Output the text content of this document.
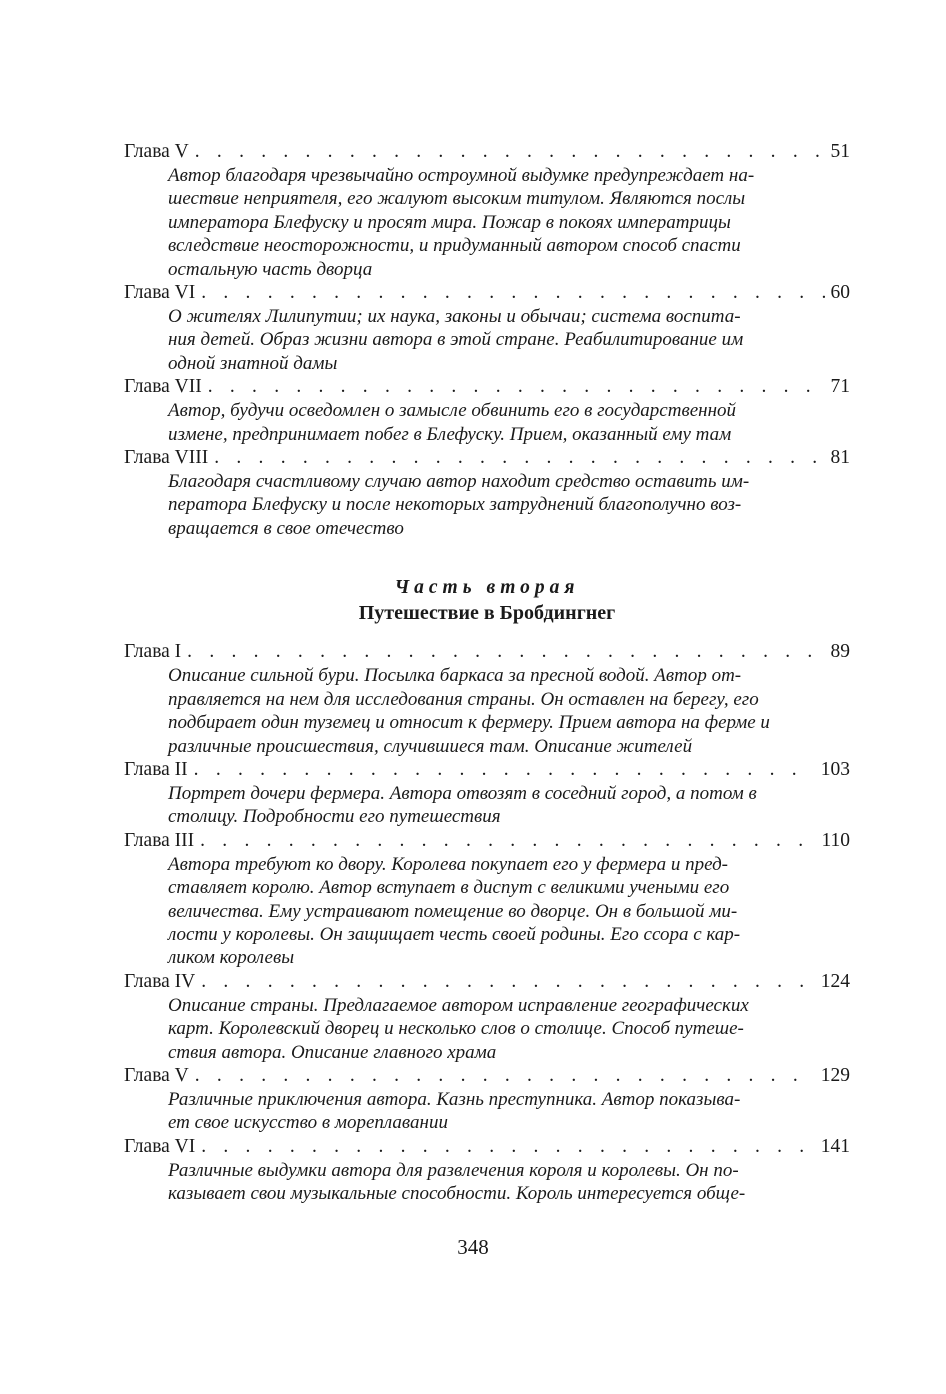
Глава V . . .	51
Автор благодаря чрезвычайно остроумной выдумке предупреждает на-
шествие неприятеля, его жалуют высоким титулом. Являются послы
императора Блефуску и просят мира. Пожар в покоях императрицы
вследствие неосторожности, и придуманный автором способ спасти
остальную часть дворца
Глава VI . . .	60
О жителях Лилипутии; их наука, законы и обычаи; система воспита-
ния детей. Образ жизни автора в этой стране. Реабилитирование им
одной знатной дамы
Глава VII . . .	71
Автор, будучи осведомлен о замысле обвинить его в государственной
измене, предпринимает побег в Блефуску. Прием, оказанный ему там
Глава VIII . . .	81
Благодаря счастливому случаю автор находит средство оставить им-
ператора Блефуску и после некоторых затруднений благополучно воз-
вращается в свое отечество
Часть вторая
Путешествие в Бробдингнег
Глава I . . .	89
Описание сильной бури. Посылка баркаса за пресной водой. Автор от-
правляется на нем для исследования страны. Он оставлен на берегу, его
подбирает один туземец и относит к фермеру. Прием автора на ферме и
различные происшествия, случившиеся там. Описание жителей
Глава II . . .	103
Портрет дочери фермера. Автора отвозят в соседний город, а потом в
столицу. Подробности его путешествия
Глава III . . .	110
Автора требуют ко двору. Королева покупает его у фермера и пред-
ставляет королю. Автор вступает в диспут с великими учеными его
величества. Ему устраивают помещение во дворце. Он в большой ми-
лости у королевы. Он защищает честь своей родины. Его ссора с кар-
ликом королевы
Глава IV . . .	124
Описание страны. Предлагаемое автором исправление географических
карт. Королевский дворец и несколько слов о столице. Способ путеше-
ствия автора. Описание главного храма
Глава V . . .	129
Различные приключения автора. Казнь преступника. Автор показыва-
ет свое искусство в мореплавании
Глава VI . . .	141
Различные выдумки автора для развлечения короля и королевы. Он по-
казывает свои музыкальные способности. Король интересуется обще-
348
